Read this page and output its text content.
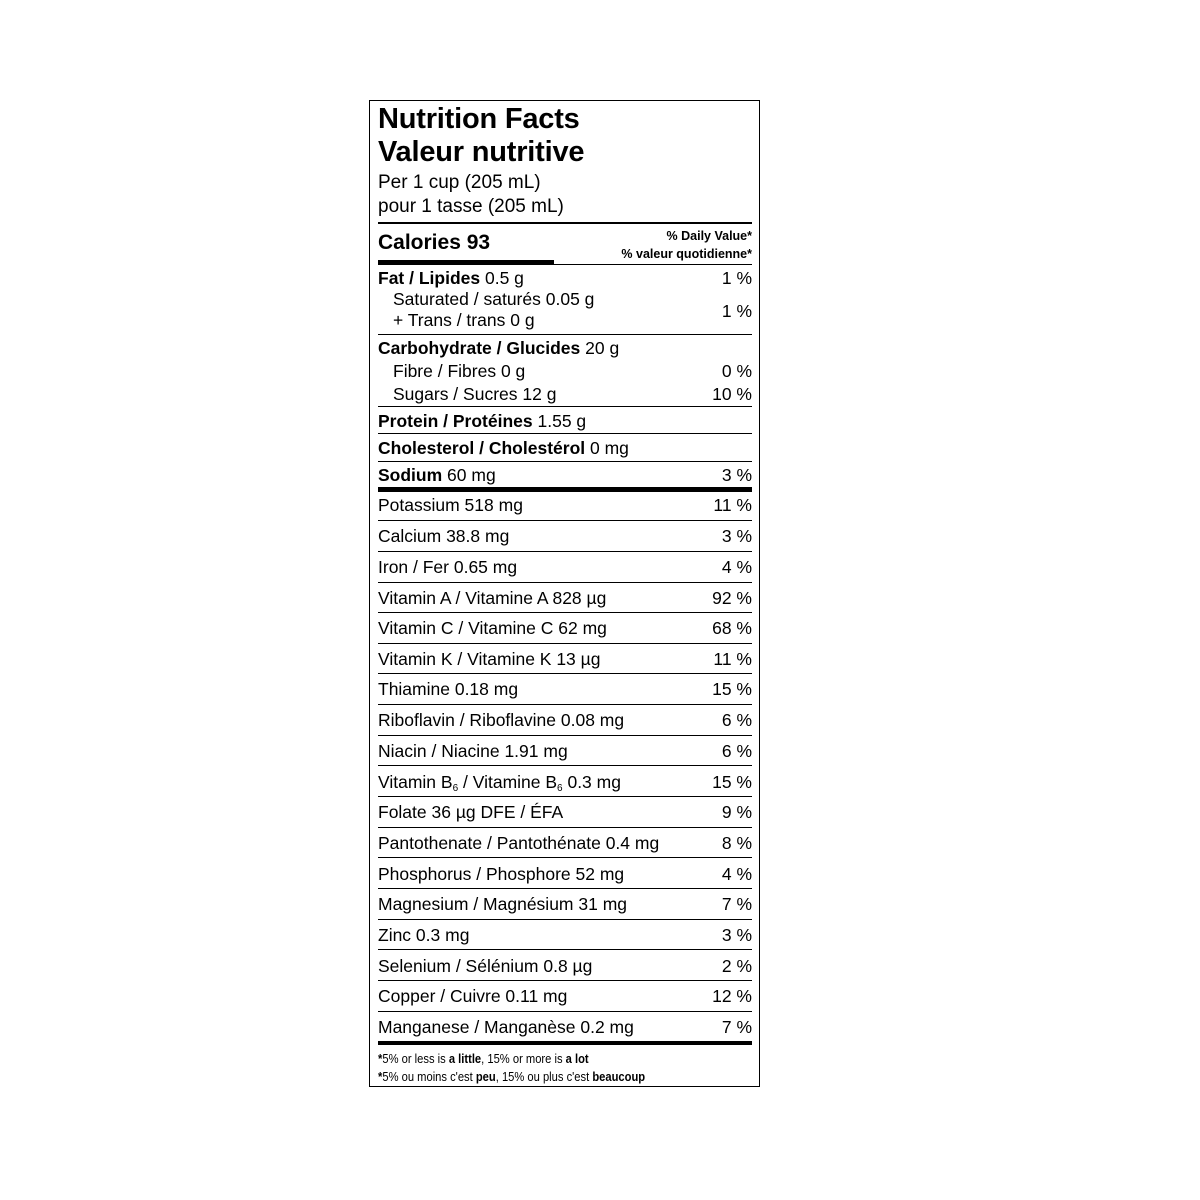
Nutrition Facts
Valeur nutritive
Per 1 cup (205 mL)
pour 1 tasse (205 mL)
Calories 93	% Daily Value*
% valeur quotidienne*
Fat / Lipides 0.5 g	1 %
Saturated / saturés 0.05 g
+ Trans / trans 0 g	1 %
Carbohydrate / Glucides 20 g
Fibre / Fibres 0 g	0 %
Sugars / Sucres 12 g	10 %
Protein / Protéines 1.55 g
Cholesterol / Cholestérol 0 mg
Sodium 60 mg	3 %
Potassium 518 mg	11 %
Calcium 38.8 mg	3 %
Iron / Fer 0.65 mg	4 %
Vitamin A / Vitamine A 828 µg	92 %
Vitamin C / Vitamine C 62 mg	68 %
Vitamin K / Vitamine K 13 µg	11 %
Thiamine 0.18 mg	15 %
Riboflavin / Riboflavine 0.08 mg	6 %
Niacin / Niacine 1.91 mg	6 %
Vitamin $B_6$ / Vitamine $B_6$ 0.3 mg	15 %
Folate 36 µg DFE / ÉFA	9 %
Pantothenate / Pantothénate 0.4 mg	8 %
Phosphorus / Phosphore 52 mg	4 %
Magnesium / Magnésium 31 mg	7 %
Zinc 0.3 mg	3 %
Selenium / Sélénium 0.8 µg	2 %
Copper / Cuivre 0.11 mg	12 %
Manganese / Manganèse 0.2 mg	7 %
*5% or less is a little, 15% or more is a lot
*5% ou moins c'est peu, 15% ou plus c'est beaucoup
